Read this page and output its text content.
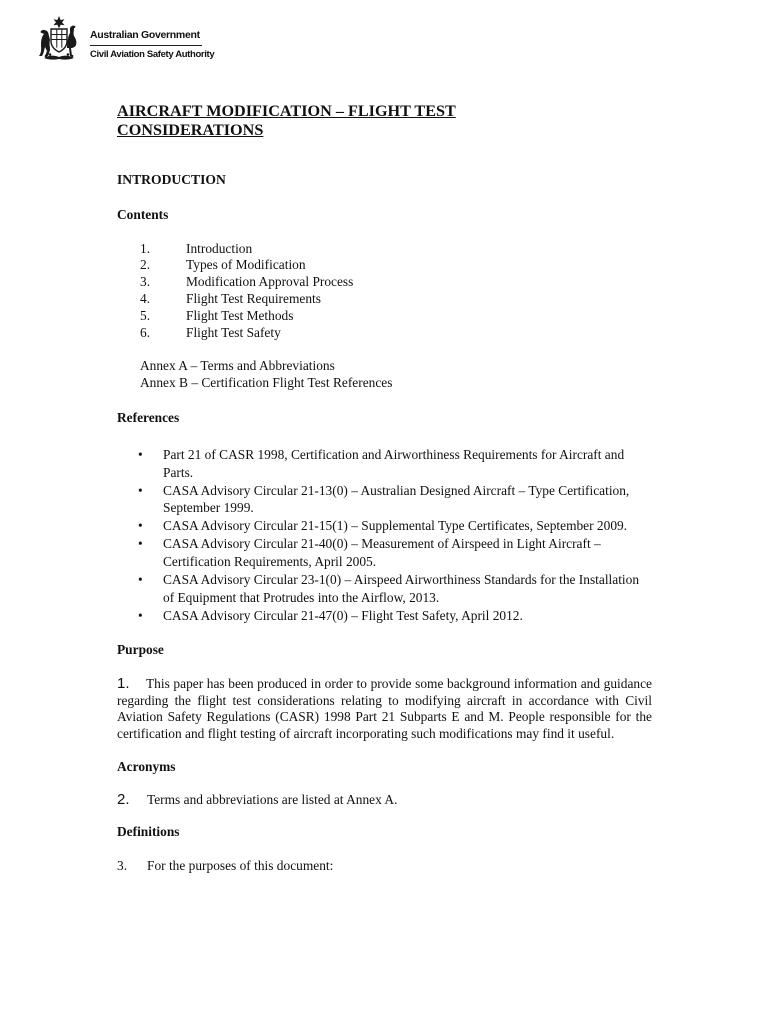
Australian Government
Civil Aviation Safety Authority
AIRCRAFT MODIFICATION – FLIGHT TEST
CONSIDERATIONS
INTRODUCTION
Contents
1.	Introduction
2.	Types of Modification
3.	Modification Approval Process
4.	Flight Test Requirements
5.	Flight Test Methods
6.	Flight Test Safety
Annex A – Terms and Abbreviations
Annex B – Certification Flight Test References
References
• Part 21 of CASR 1998, Certification and Airworthiness Requirements for Aircraft and Parts.
• CASA Advisory Circular 21-13(0) – Australian Designed Aircraft – Type Certification, September 1999.
• CASA Advisory Circular 21-15(1) – Supplemental Type Certificates, September 2009.
• CASA Advisory Circular 21-40(0) – Measurement of Airspeed in Light Aircraft – Certification Requirements, April 2005.
• CASA Advisory Circular 23-1(0) – Airspeed Airworthiness Standards for the Installation of Equipment that Protrudes into the Airflow, 2013.
• CASA Advisory Circular 21-47(0) – Flight Test Safety, April 2012.
Purpose

1. This paper has been produced in order to provide some background information and guidance regarding the flight test considerations relating to modifying aircraft in accordance with Civil Aviation Safety Regulations (CASR) 1998 Part 21 Subparts E and M. People responsible for the certification and flight testing of aircraft incorporating such modifications may find it useful.

Acronyms

2. Terms and abbreviations are listed at Annex A.

Definitions

3. For the purposes of this document:
